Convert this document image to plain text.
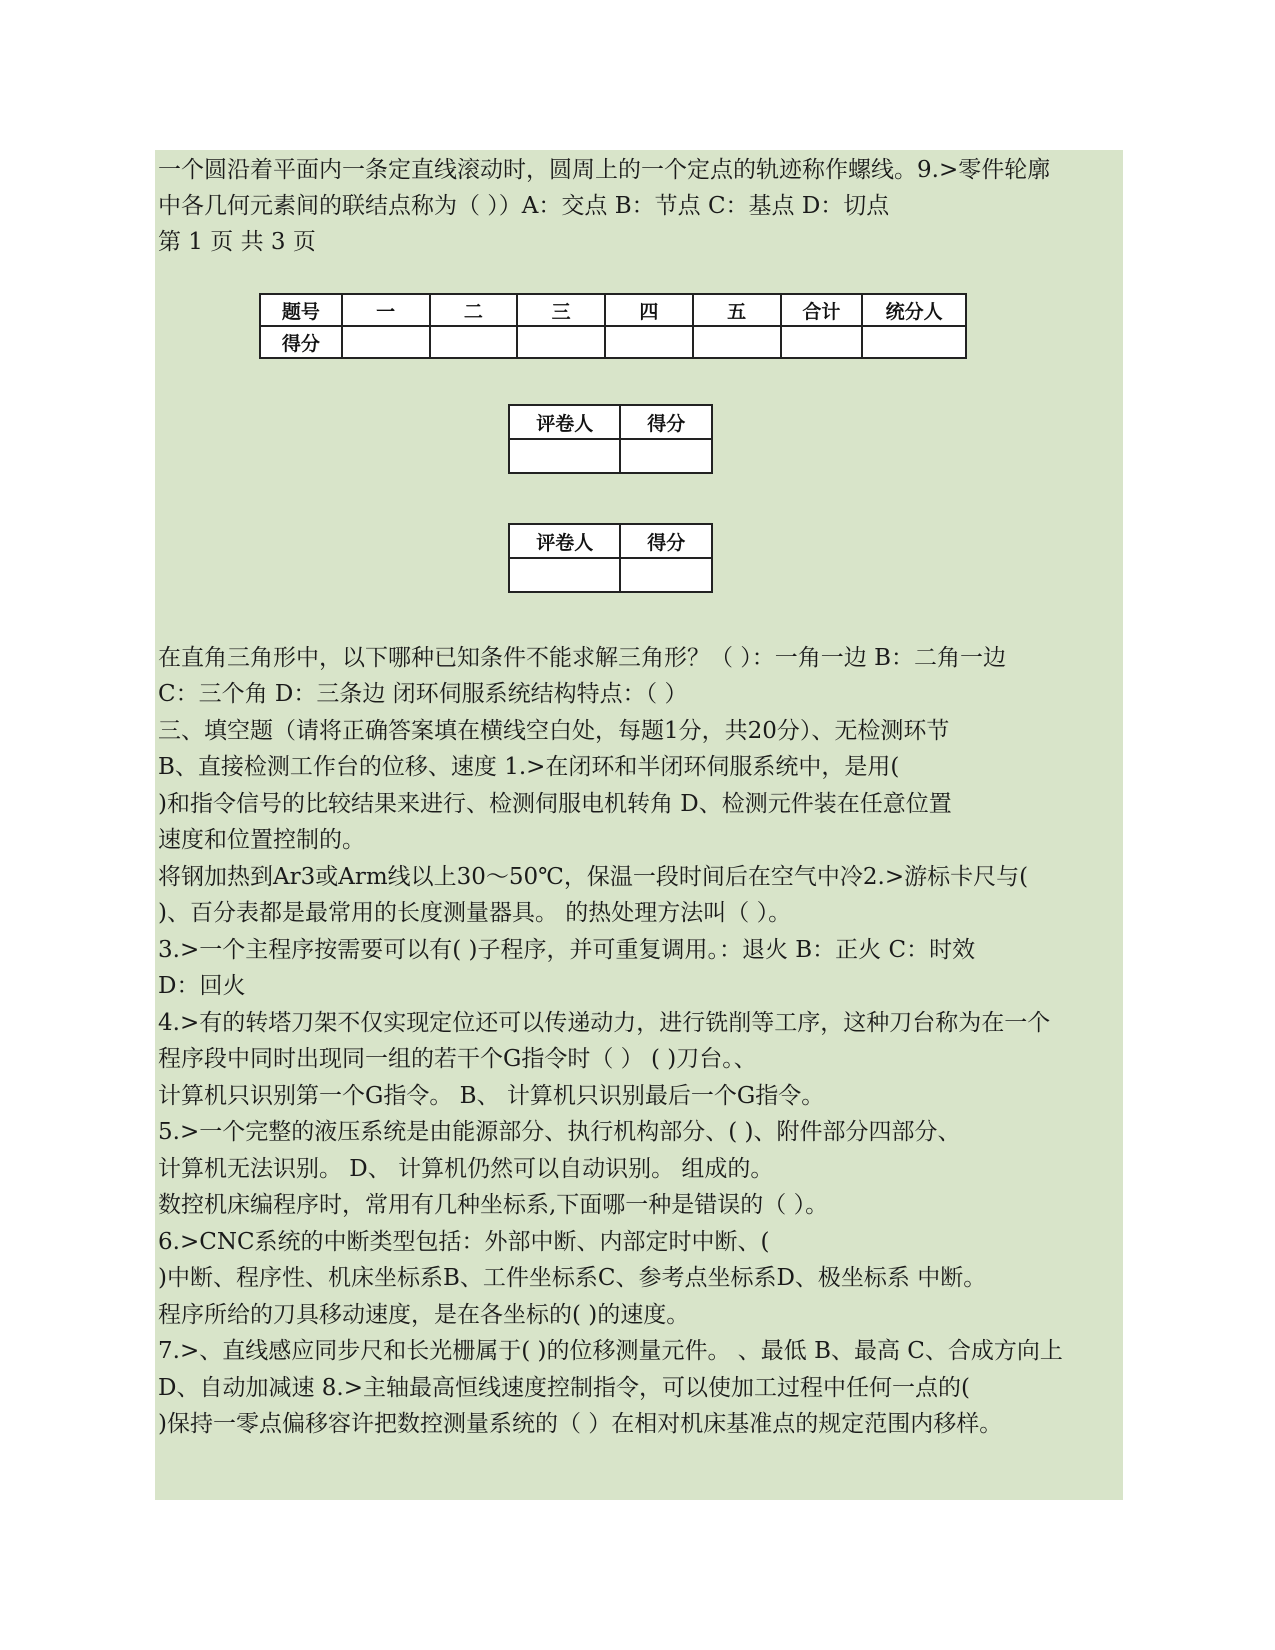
一个圆沿着平面内一条定直线滚动时，圆周上的一个定点的轨迹称作螺线。9.>零件轮廓
中各几何元素间的联结点称为（ ））A：交点 B：节点 C：基点 D：切点
第 1 页 共 3 页
题号	一	二	三	四	五	合计	统分人
得分							
评卷人	得分

评卷人	得分

在直角三角形中，以下哪种已知条件不能求解三角形？（ ）：一角一边 B：二角一边
C：三个角 D：三条边 闭环伺服系统结构特点：（ ）
三、填空题（请将正确答案填在横线空白处，每题1分，共20分）、无检测环节
B、直接检测工作台的位移、速度 1.>在闭环和半闭环伺服系统中，是用(
)和指令信号的比较结果来进行、检测伺服电机转角 D、检测元件装在任意位置
速度和位置控制的。
将钢加热到Ar3或Arm线以上30～50℃，保温一段时间后在空气中冷2.>游标卡尺与(
)、百分表都是最常用的长度测量器具。 的热处理方法叫（ ）。
3.>一个主程序按需要可以有( )子程序，并可重复调用。：退火 B：正火 C：时效
D：回火
4.>有的转塔刀架不仅实现定位还可以传递动力，进行铣削等工序，这种刀台称为在一个
程序段中同时出现同一组的若干个G指令时（ ） ( )刀台。、
计算机只识别第一个G指令。 B、 计算机只识别最后一个G指令。
5.>一个完整的液压系统是由能源部分、执行机构部分、( )、附件部分四部分、
计算机无法识别。 D、 计算机仍然可以自动识别。 组成的。
数控机床编程序时，常用有几种坐标系,下面哪一种是错误的（ ）。
6.>CNC系统的中断类型包括：外部中断、内部定时中断、(
)中断、程序性、机床坐标系B、工件坐标系C、参考点坐标系D、极坐标系 中断。
程序所给的刀具移动速度，是在各坐标的( )的速度。
7.>、直线感应同步尺和长光栅属于( )的位移测量元件。 、最低 B、最高 C、合成方向上
D、自动加减速 8.>主轴最高恒线速度控制指令，可以使加工过程中任何一点的(
)保持一零点偏移容许把数控测量系统的（ ）在相对机床基准点的规定范围内移样。
